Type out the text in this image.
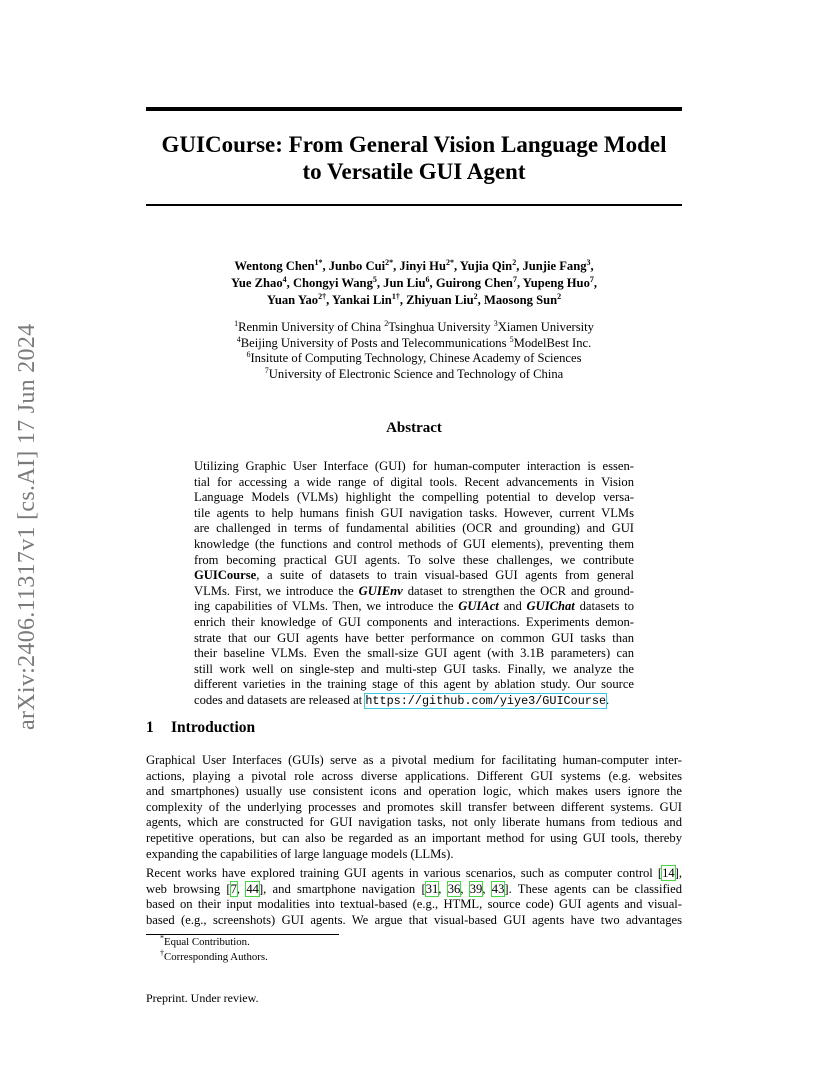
arXiv:2406.11317v1 [cs.AI] 17 Jun 2024
GUICourse: From General Vision Language Model
to Versatile GUI Agent
Wentong Chen$^{1*}$, Junbo Cui$^{2*}$, Jinyi $Hu^{2*}$, Yujia Qin$^2$, Junjie Fang$^3$,
Yue Zhao$^4$, Chongyi Wang$^5$, Jun Liu$^6$, Guirong Chen$^7$, Yupeng Huo$^7$,
Yuan Yao$^{2\dagger}$, Yankai Lin$^{1\dagger}$, Zhiyuan Liu$^2$, Maosong Sun$^2$
$^1$Renmin University of China $^2$Tsinghua University $^3$Xiamen University
$^4$Beijing University of Posts and Telecommunications $^5$ModelBest Inc.
$^6$Insitute of Computing Technology, Chinese Academy of Sciences
$^7$University of Electronic Science and Technology of China
Abstract
Utilizing Graphic User Interface (GUI) for human-computer interaction is essen-
tial for accessing a wide range of digital tools. Recent advancements in Vision
Language Models (VLMs) highlight the compelling potential to develop versa-
tile agents to help humans finish GUI navigation tasks. However, current VLMs
are challenged in terms of fundamental abilities (OCR and grounding) and GUI
knowledge (the functions and control methods of GUI elements), preventing them
from becoming practical GUI agents. To solve these challenges, we contribute
GUICourse, a suite of datasets to train visual-based GUI agents from general
VLMs. First, we introduce the GUIEnv dataset to strengthen the OCR and ground-
ing capabilities of VLMs. Then, we introduce the GUIAct and GUIChat datasets to
enrich their knowledge of GUI components and interactions. Experiments demon-
strate that our GUI agents have better performance on common GUI tasks than
their baseline VLMs. Even the small-size GUI agent (with 3.1B parameters) can
still work well on single-step and multi-step GUI tasks. Finally, we analyze the
different varieties in the training stage of this agent by ablation study. Our source
codes and datasets are released at https://github.com/yiye3/GUICourse.
1 Introduction
Graphical User Interfaces (GUIs) serve as a pivotal medium for facilitating human-computer inter-
actions, playing a pivotal role across diverse applications. Different GUI systems (e.g. websites
and smartphones) usually use consistent icons and operation logic, which makes users ignore the
complexity of the underlying processes and promotes skill transfer between different systems. GUI
agents, which are constructed for GUI navigation tasks, not only liberate humans from tedious and
repetitive operations, but can also be regarded as an important method for using GUI tools, thereby
expanding the capabilities of large language models (LLMs).
Recent works have explored training GUI agents in various scenarios, such as computer control [14],
web browsing [7, 44], and smartphone navigation [31, 36, 39, 43]. These agents can be classified
based on their input modalities into textual-based (e.g., HTML, source code) GUI agents and visual-
based (e.g., screenshots) GUI agents. We argue that visual-based GUI agents have two advantages
*Equal Contribution.
†Corresponding Authors.
Preprint. Under review.
